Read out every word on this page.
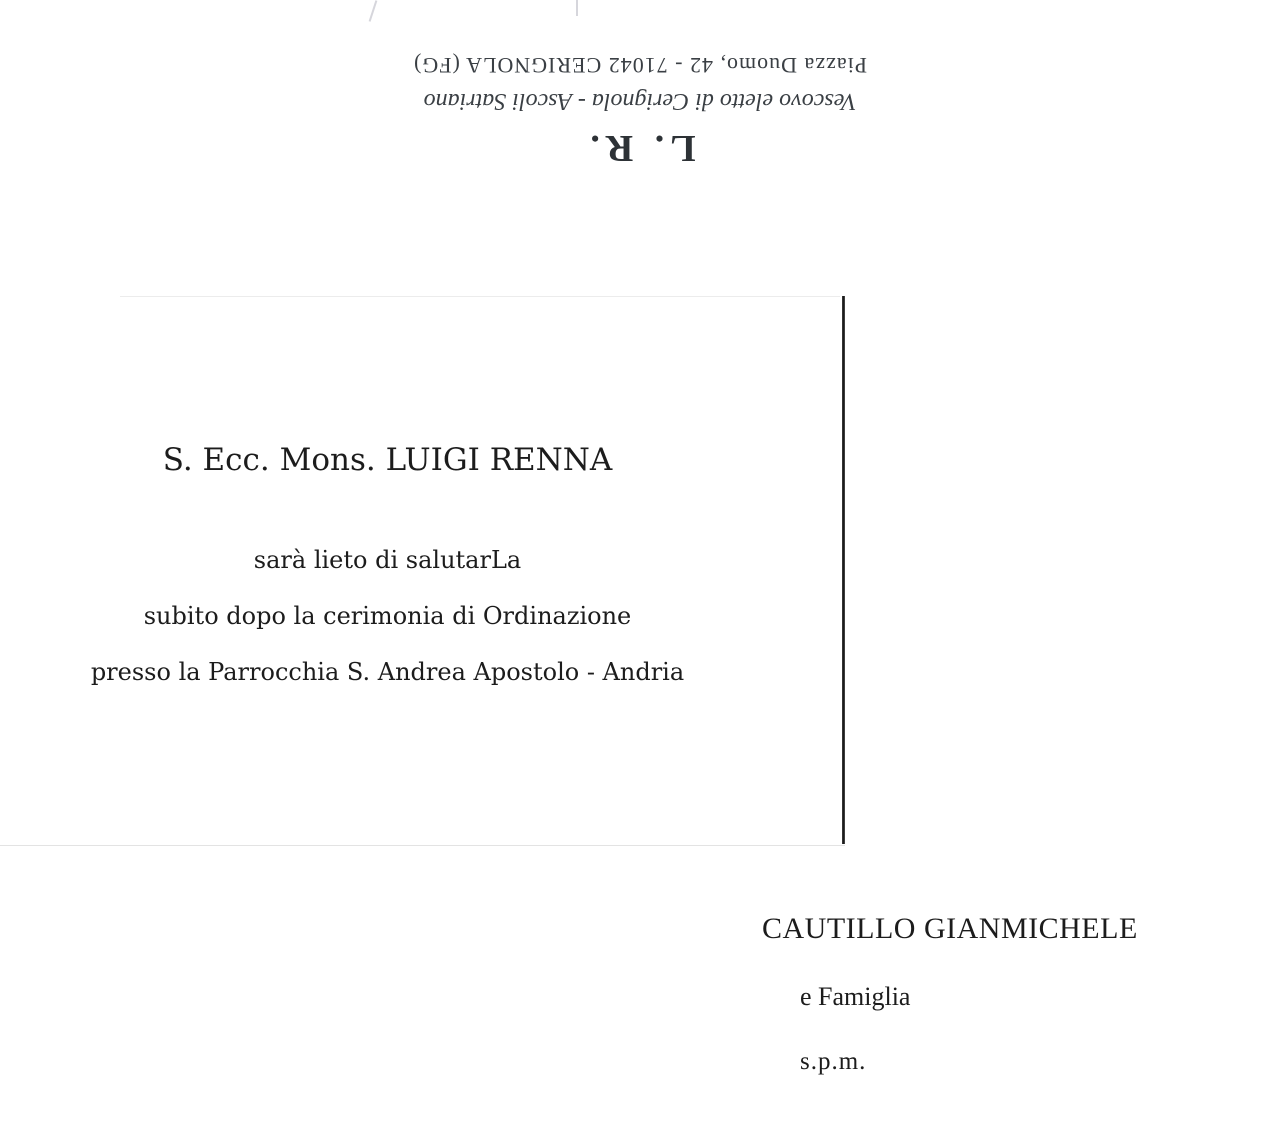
L. R.
Vescovo eletto di Cerignola - Ascoli Satriano
Piazza Duomo, 42 - 71042 CERIGNOLA (FG)
S. Ecc. Mons. LUIGI RENNA
sarà lieto di salutarLa
subito dopo la cerimonia di Ordinazione
presso la Parrocchia S. Andrea Apostolo - Andria
CAUTILLO GIANMICHELE
e Famiglia
s.p.m.
